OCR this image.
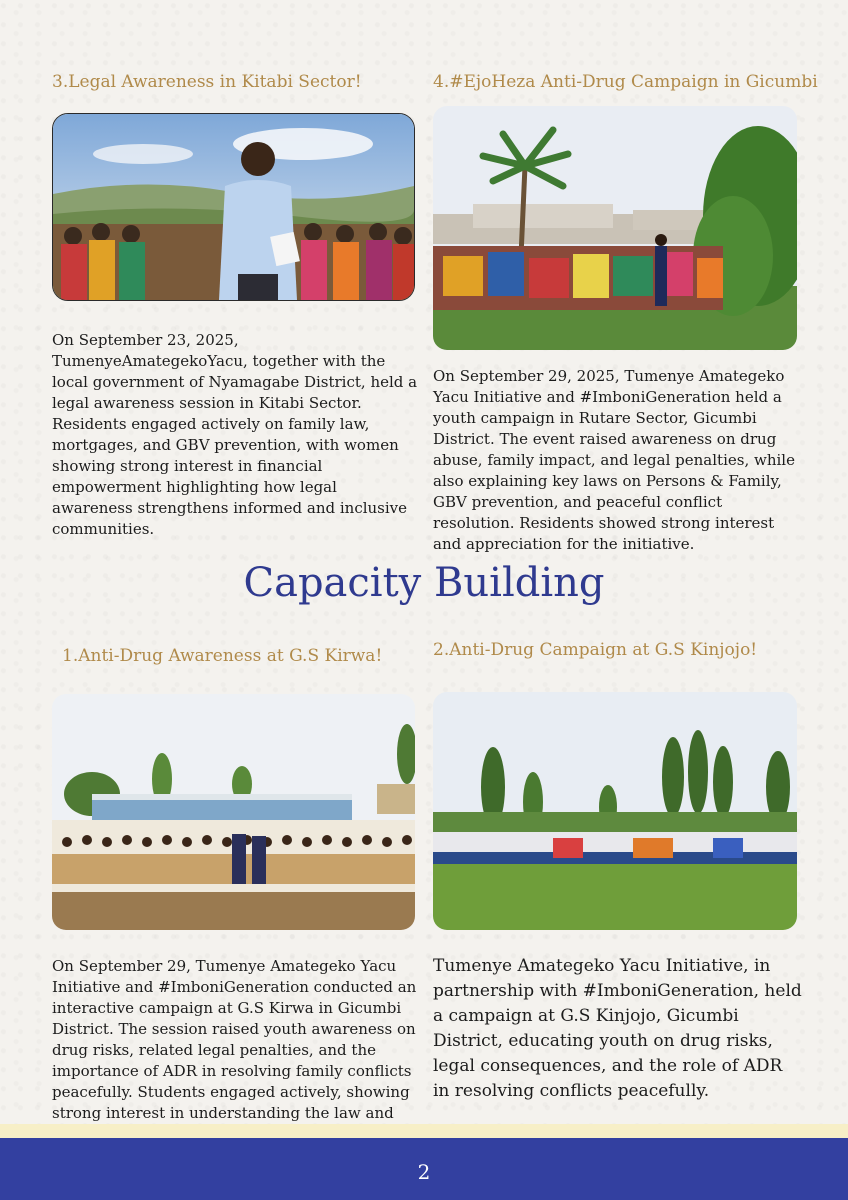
3.Legal Awareness in Kitabi Sector!

On September 23, 2025, TumenyeAmategekoYacu, together with the local government of Nyamagabe District, held a legal awareness session in Kitabi Sector. Residents engaged actively on family law, mortgages, and GBV prevention, with women showing strong interest in financial empowerment highlighting how legal awareness strengthens informed and inclusive communities.

4.#EjoHeza Anti-Drug Campaign in Gicumbi

On September 29, 2025, Tumenye Amategeko Yacu Initiative and #ImboniGeneration held a youth campaign in Rutare Sector, Gicumbi District. The event raised awareness on drug abuse, family impact, and legal penalties, while also explaining key laws on Persons & Family, GBV prevention, and peaceful conflict resolution. Residents showed strong interest and appreciation for the initiative.

Capacity Building
1.Anti-Drug Awareness at G.S Kirwa!

On September 29, Tumenye Amategeko Yacu Initiative and #ImboniGeneration conducted an interactive campaign at G.S Kirwa in Gicumbi District. The session raised youth awareness on drug risks, related legal penalties, and the importance of ADR in resolving family conflicts peacefully. Students engaged actively, showing strong interest in understanding the law and

2.Anti-Drug Campaign at G.S Kinjojo!

Tumenye Amategeko Yacu Initiative, in partnership with #ImboniGeneration, held a campaign at G.S Kinjojo, Gicumbi District, educating youth on drug risks, legal consequences, and the role of ADR in resolving conflicts peacefully.

2
